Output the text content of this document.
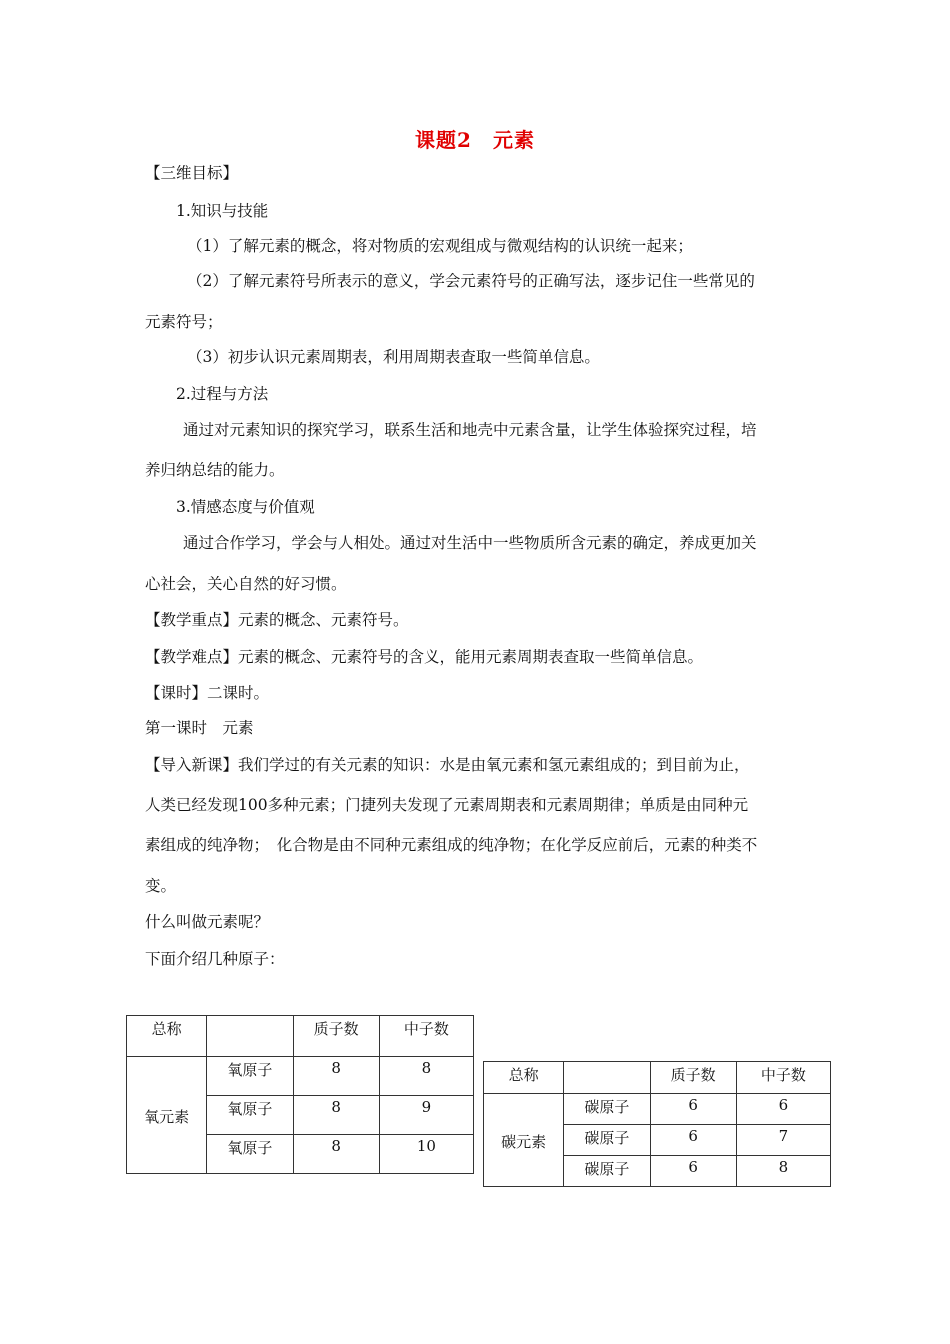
课题2　元素
【三维目标】
1.知识与技能
（1）了解元素的概念，将对物质的宏观组成与微观结构的认识统一起来；
（2）了解元素符号所表示的意义，学会元素符号的正确写法，逐步记住一些常见的
元素符号；
（3）初步认识元素周期表，利用周期表查取一些简单信息。
2.过程与方法
通过对元素知识的探究学习，联系生活和地壳中元素含量，让学生体验探究过程，培
养归纳总结的能力。
3.情感态度与价值观
通过合作学习，学会与人相处。通过对生活中一些物质所含元素的确定，养成更加关
心社会，关心自然的好习惯。
【教学重点】元素的概念、元素符号。
【教学难点】元素的概念、元素符号的含义，能用元素周期表查取一些简单信息。
【课时】二课时。
第一课时　元素
【导入新课】我们学过的有关元素的知识：水是由氧元素和氢元素组成的；到目前为止，
人类已经发现100多种元素；门捷列夫发现了元素周期表和元素周期律；单质是由同种元
素组成的纯净物；　化合物是由不同种元素组成的纯净物；在化学反应前后，元素的种类不
变。
什么叫做元素呢？
下面介绍几种原子：
总称		质子数	中子数
氧元素	氧原子	8	8
	氧原子	8	9
	氧原子	8	10
总称		质子数	中子数
碳元素	碳原子	6	6
	碳原子	6	7
	碳原子	6	8
